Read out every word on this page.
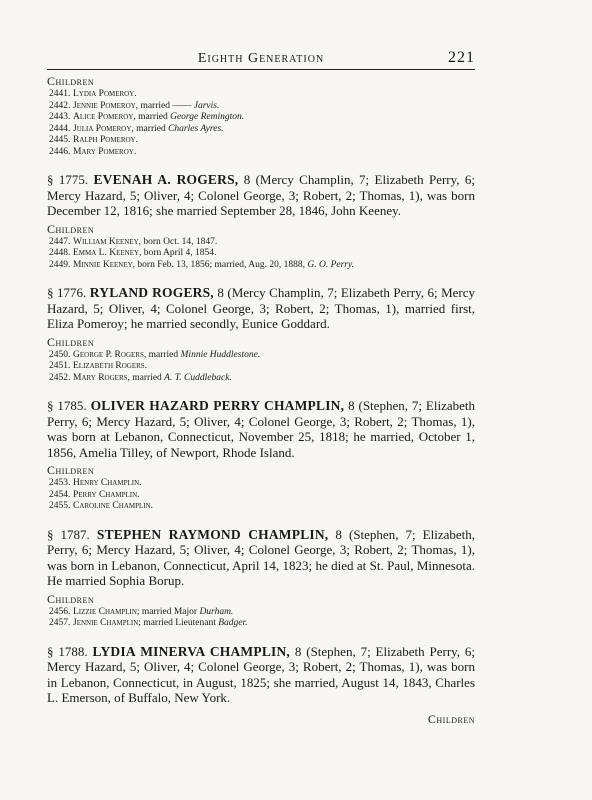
Eighth Generation	221
Children
2441. Lydia Pomeroy.
2442. Jennie Pomeroy, married —— Jarvis.
2443. Alice Pomeroy, married George Remington.
2444. Julia Pomeroy, married Charles Ayres.
2445. Ralph Pomeroy.
2446. Mary Pomeroy.
§ 1775. EVENAH A. ROGERS, 8 (Mercy Champlin, 7; Elizabeth Perry, 6; Mercy Hazard, 5; Oliver, 4; Colonel George, 3; Robert, 2; Thomas, 1), was born December 12, 1816; she married September 28, 1846, John Keeney.
Children
2447. William Keeney, born Oct. 14, 1847.
2448. Emma L. Keeney, born April 4, 1854.
2449. Minnie Keeney, born Feb. 13, 1856; married, Aug. 20, 1888, G. O. Perry.
§ 1776. RYLAND ROGERS, 8 (Mercy Champlin, 7; Elizabeth Perry, 6; Mercy Hazard, 5; Oliver, 4; Colonel George, 3; Robert, 2; Thomas, 1), married first, Eliza Pomeroy; he married secondly, Eunice Goddard.
Children
2450. George P. Rogers, married Minnie Huddlestone.
2451. Elizabeth Rogers.
2452. Mary Rogers, married A. T. Cuddleback.
§ 1785. OLIVER HAZARD PERRY CHAMPLIN, 8 (Stephen, 7; Elizabeth Perry, 6; Mercy Hazard, 5; Oliver, 4; Colonel George, 3; Robert, 2; Thomas, 1), was born at Lebanon, Connecticut, November 25, 1818; he married, October 1, 1856, Amelia Tilley, of Newport, Rhode Island.
Children
2453. Henry Champlin.
2454. Perry Champlin.
2455. Caroline Champlin.
§ 1787. STEPHEN RAYMOND CHAMPLIN, 8 (Stephen, 7; Elizabeth, Perry, 6; Mercy Hazard, 5; Oliver, 4; Colonel George, 3; Robert, 2; Thomas, 1), was born in Lebanon, Connecticut, April 14, 1823; he died at St. Paul, Minnesota. He married Sophia Borup.
Children
2456. Lizzie Champlin; married Major Durham.
2457. Jennie Champlin; married Lieutenant Badger.
§ 1788. LYDIA MINERVA CHAMPLIN, 8 (Stephen, 7; Elizabeth Perry, 6; Mercy Hazard, 5; Oliver, 4; Colonel George, 3; Robert, 2; Thomas, 1), was born in Lebanon, Connecticut, in August, 1825; she married, August 14, 1843, Charles L. Emerson, of Buffalo, New York.
Children
